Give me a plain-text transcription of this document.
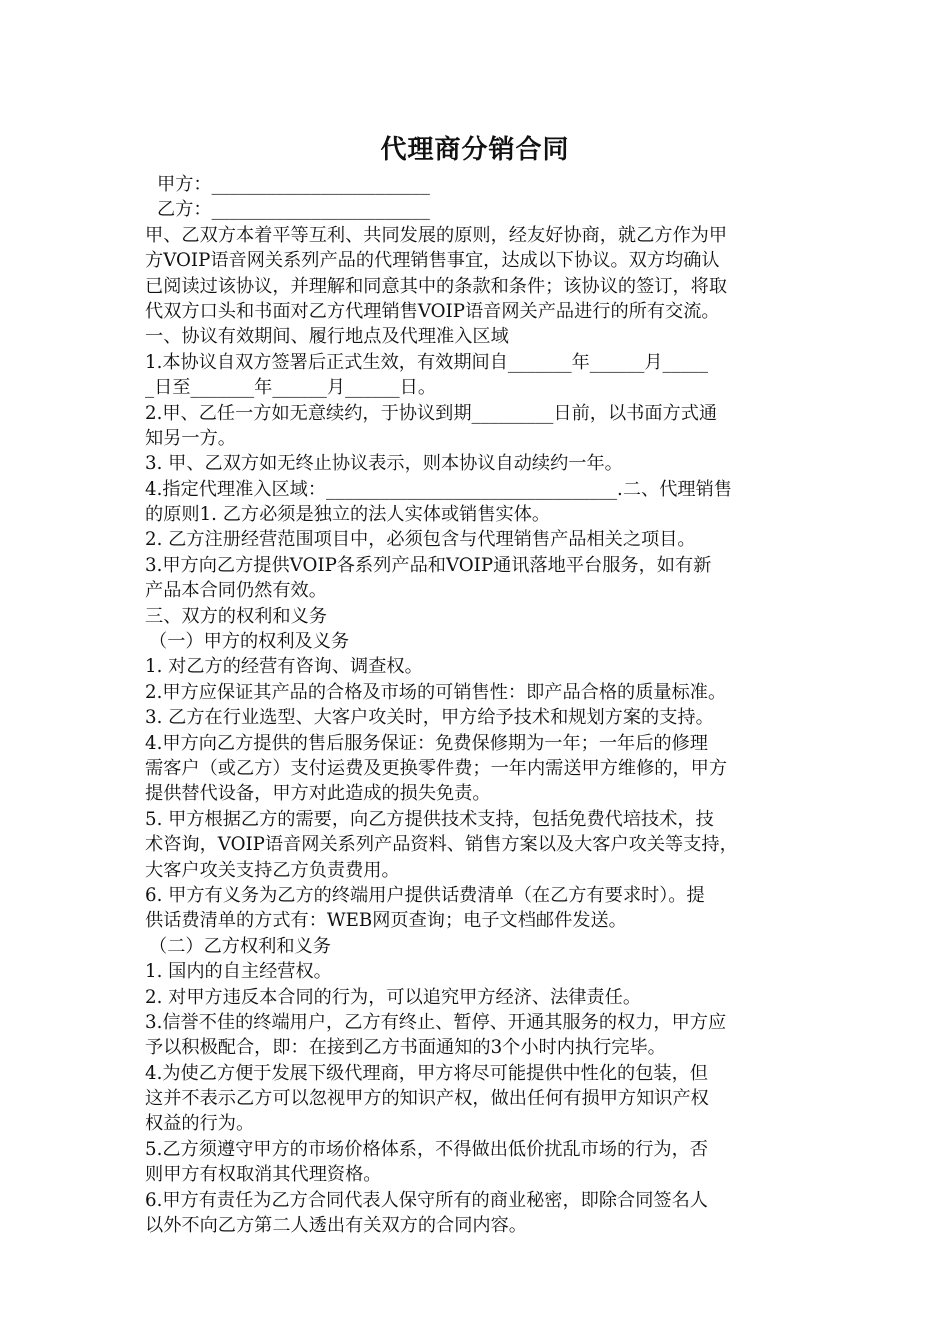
代理商分销合同

甲方：________________________

乙方：________________________

甲、乙双方本着平等互利、共同发展的原则，经友好协商，就乙方作为甲

方VOIP语音网关系列产品的代理销售事宜，达成以下协议。双方均确认

已阅读过该协议，并理解和同意其中的条款和条件；该协议的签订，将取

代双方口头和书面对乙方代理销售VOIP语音网关产品进行的所有交流。

一、协议有效期间、履行地点及代理准入区域

1.本协议自双方签署后正式生效，有效期间自_______年______月_____

_日至_______年______月______日。

2.甲、乙任一方如无意续约，于协议到期_________日前，以书面方式通

知另一方。

3. 甲、乙双方如无终止协议表示，则本协议自动续约一年。

4.指定代理准入区域：________________________________.二、代理销售

的原则1. 乙方必须是独立的法人实体或销售实体。

2. 乙方注册经营范围项目中，必须包含与代理销售产品相关之项目。

3.甲方向乙方提供VOIP各系列产品和VOIP通讯落地平台服务，如有新

产品本合同仍然有效。

三、双方的权利和义务

（一）甲方的权利及义务

1. 对乙方的经营有咨询、调查权。

2.甲方应保证其产品的合格及市场的可销售性：即产品合格的质量标准。

3. 乙方在行业选型、大客户攻关时，甲方给予技术和规划方案的支持。

4.甲方向乙方提供的售后服务保证：免费保修期为一年；一年后的修理

需客户（或乙方）支付运费及更换零件费；一年内需送甲方维修的，甲方

提供替代设备，甲方对此造成的损失免责。

5. 甲方根据乙方的需要，向乙方提供技术支持，包括免费代培技术，技

术咨询，VOIP语音网关系列产品资料、销售方案以及大客户攻关等支持，

大客户攻关支持乙方负责费用。

6. 甲方有义务为乙方的终端用户提供话费清单（在乙方有要求时）。提

供话费清单的方式有：WEB网页查询；电子文档邮件发送。

（二）乙方权利和义务

1. 国内的自主经营权。

2. 对甲方违反本合同的行为，可以追究甲方经济、法律责任。

3.信誉不佳的终端用户，乙方有终止、暂停、开通其服务的权力，甲方应

予以积极配合，即：在接到乙方书面通知的3个小时内执行完毕。

4.为使乙方便于发展下级代理商，甲方将尽可能提供中性化的包装，但

这并不表示乙方可以忽视甲方的知识产权，做出任何有损甲方知识产权

权益的行为。

5.乙方须遵守甲方的市场价格体系，不得做出低价扰乱市场的行为，否

则甲方有权取消其代理资格。

6.甲方有责任为乙方合同代表人保守所有的商业秘密，即除合同签名人

以外不向乙方第二人透出有关双方的合同内容。
